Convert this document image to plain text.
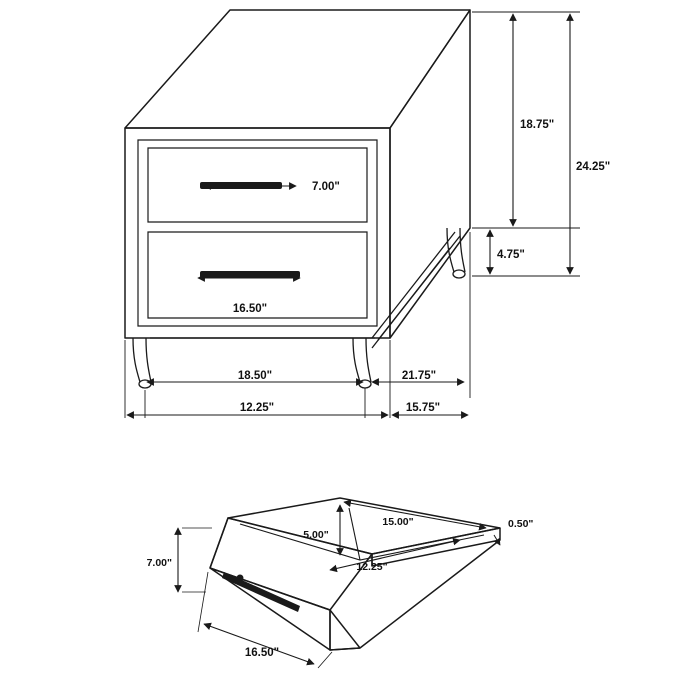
7.00"
16.50"
18.75"
24.25"
4.75"
18.50"	21.75"
12.25"	15.75"
5.00"
15.00"	0.50"
12.25"
7.00"
16.50"
